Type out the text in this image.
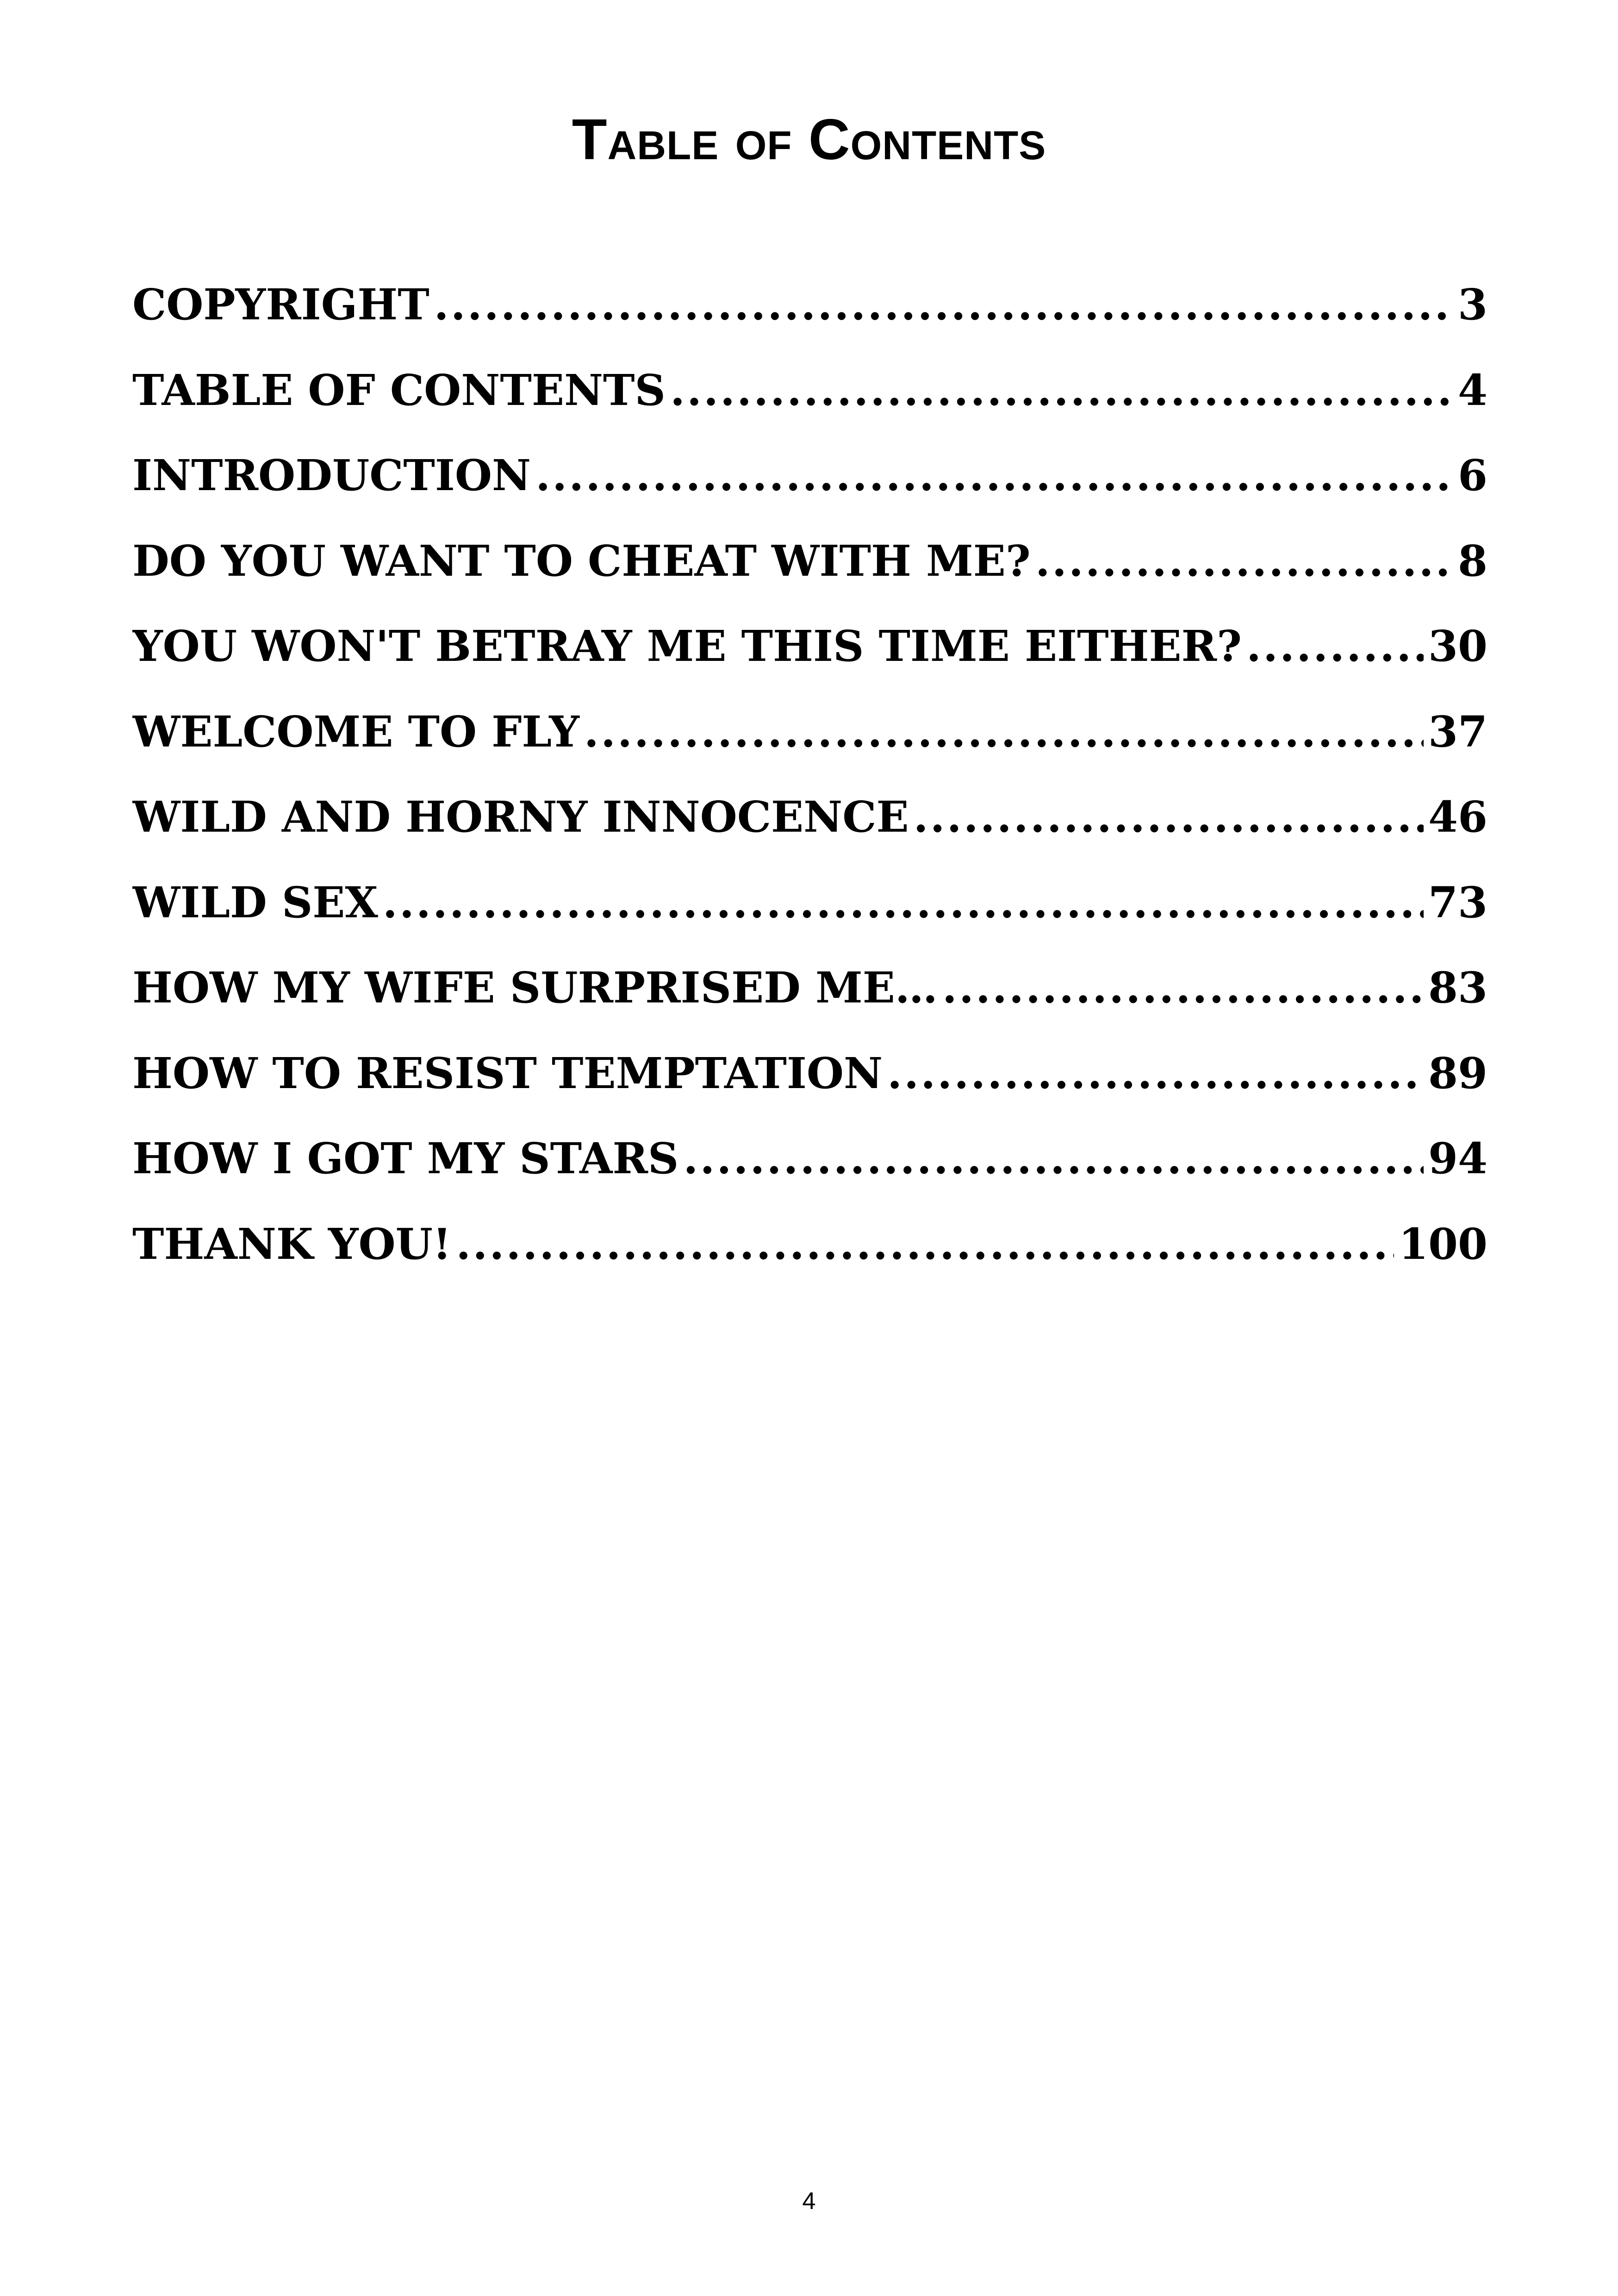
Table of Contents
COPYRIGHT .....	3
TABLE OF CONTENTS .....	4
INTRODUCTION .....	6
DO YOU WANT TO CHEAT WITH ME? .....	8
YOU WON'T BETRAY ME THIS TIME EITHER? .....	30
WELCOME TO FLY .....	37
WILD AND HORNY INNOCENCE .....	46
WILD SEX .....	73
HOW MY WIFE SURPRISED ME… .....	83
HOW TO RESIST TEMPTATION .....	89
HOW I GOT MY STARS .....	94
THANK YOU! .....	100
4
